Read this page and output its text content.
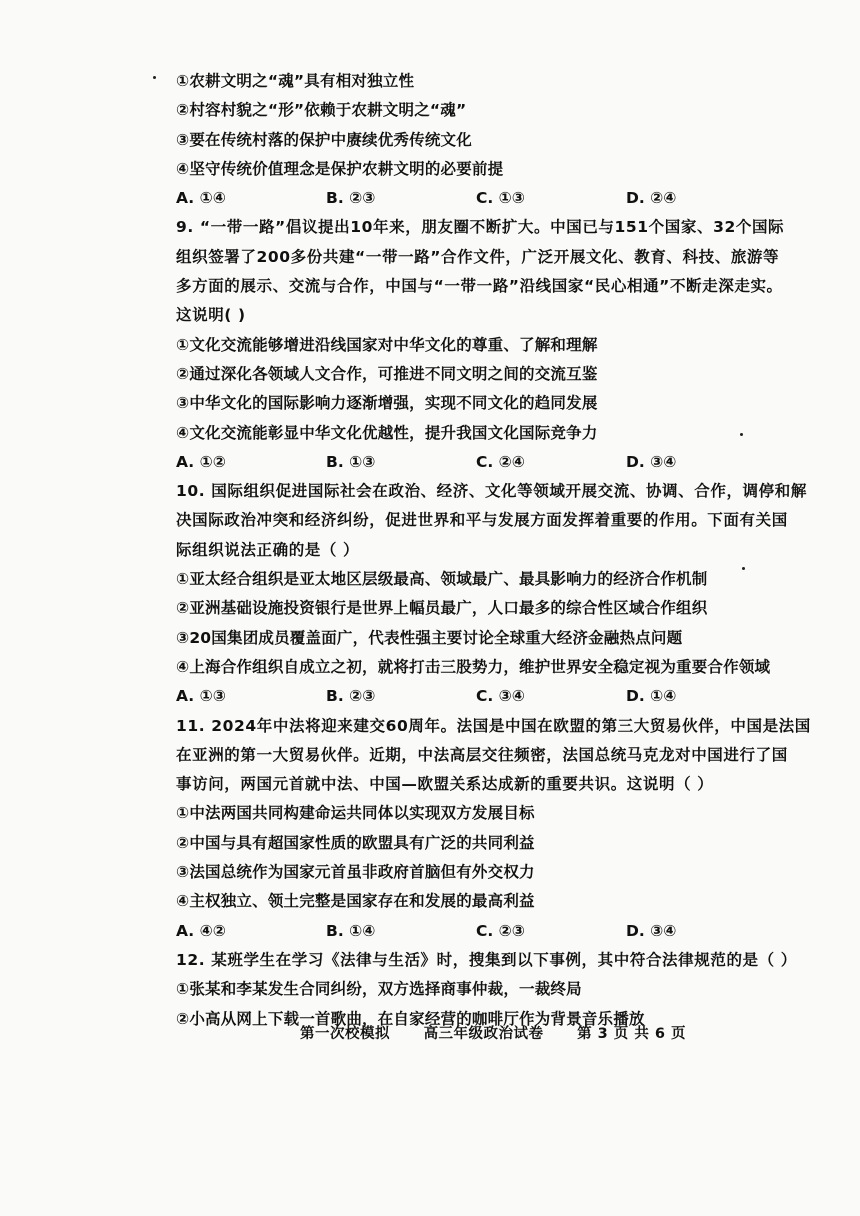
①农耕文明之“魂”具有相对独立性
②村容村貌之“形”依赖于农耕文明之“魂”
③要在传统村落的保护中赓续优秀传统文化
④坚守传统价值理念是保护农耕文明的必要前提
A. ①④	B. ②③	C. ①③	D. ②④
9. “一带一路”倡议提出10年来，朋友圈不断扩大。中国已与151个国家、32个国际
组织签署了200多份共建“一带一路”合作文件，广泛开展文化、教育、科技、旅游等
多方面的展示、交流与合作，中国与“一带一路”沿线国家“民心相通”不断走深走实。
这说明( )
①文化交流能够增进沿线国家对中华文化的尊重、了解和理解
②通过深化各领域人文合作，可推进不同文明之间的交流互鉴
③中华文化的国际影响力逐渐增强，实现不同文化的趋同发展
④文化交流能彰显中华文化优越性，提升我国文化国际竞争力
A. ①②	B. ①③	C. ②④	D. ③④
10. 国际组织促进国际社会在政治、经济、文化等领域开展交流、协调、合作，调停和解
决国际政治冲突和经济纠纷，促进世界和平与发展方面发挥着重要的作用。下面有关国
际组织说法正确的是（ ）
①亚太经合组织是亚太地区层级最高、领域最广、最具影响力的经济合作机制
②亚洲基础设施投资银行是世界上幅员最广，人口最多的综合性区域合作组织
③20国集团成员覆盖面广，代表性强主要讨论全球重大经济金融热点问题
④上海合作组织自成立之初，就将打击三股势力，维护世界安全稳定视为重要合作领域
A. ①③	B. ②③	C. ③④	D. ①④
11. 2024年中法将迎来建交60周年。法国是中国在欧盟的第三大贸易伙伴，中国是法国
在亚洲的第一大贸易伙伴。近期，中法高层交往频密，法国总统马克龙对中国进行了国
事访问，两国元首就中法、中国—欧盟关系达成新的重要共识。这说明（ ）
①中法两国共同构建命运共同体以实现双方发展目标
②中国与具有超国家性质的欧盟具有广泛的共同利益
③法国总统作为国家元首虽非政府首脑但有外交权力
④主权独立、领土完整是国家存在和发展的最高利益
A. ④②	B. ①④	C. ②③	D. ③④
12. 某班学生在学习《法律与生活》时，搜集到以下事例，其中符合法律规范的是（ ）
①张某和李某发生合同纠纷，双方选择商事仲裁，一裁终局
②小高从网上下载一首歌曲，在自家经营的咖啡厅作为背景音乐播放
第一次校模拟 高三年级政治试卷 第 3 页 共 6 页
